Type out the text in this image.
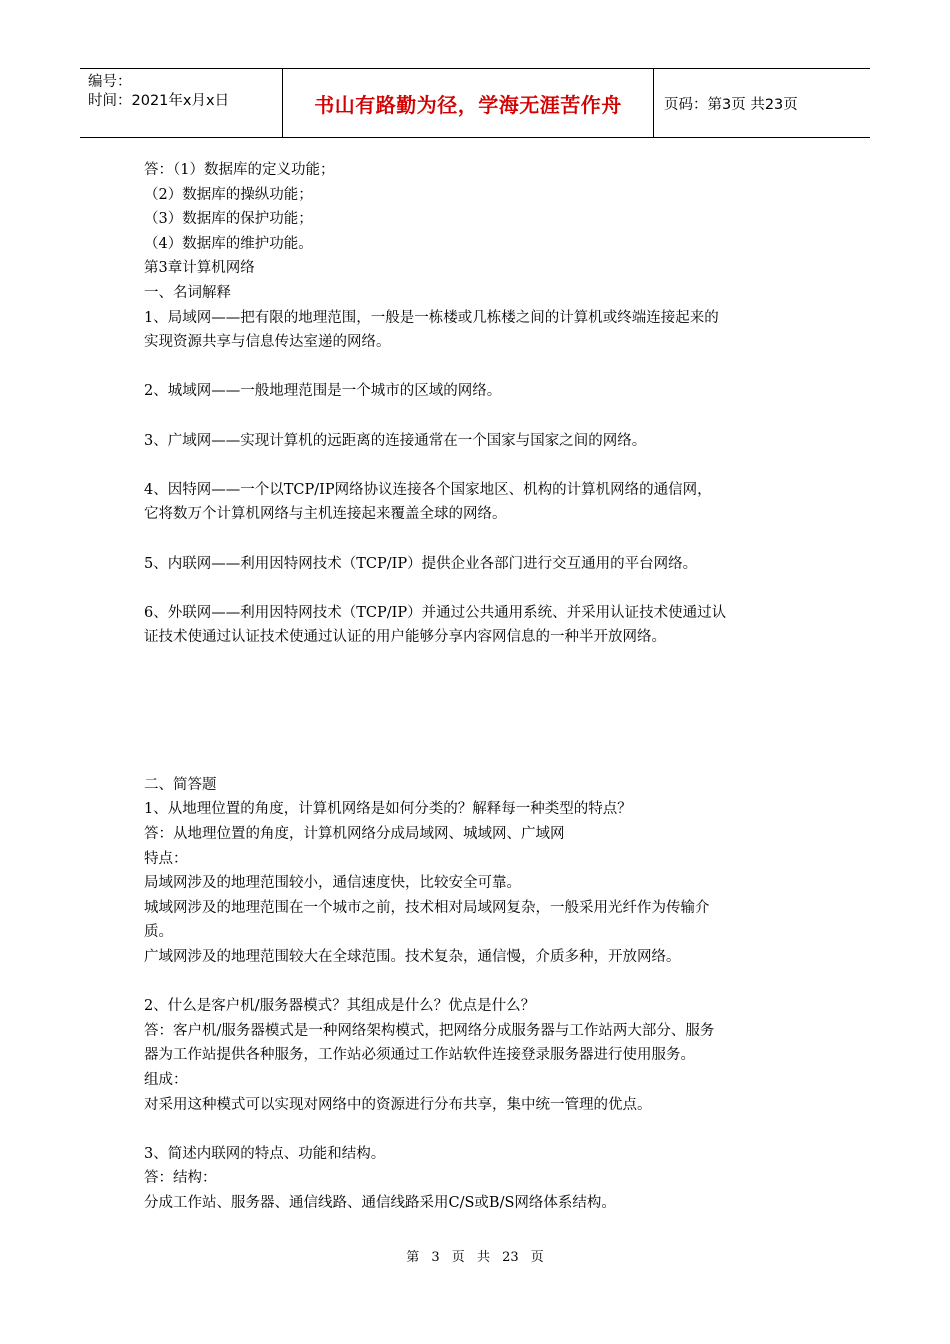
编号：
时间：2021年x月x日	书山有路勤为径，学海无涯苦作舟	页码：第3页 共23页
答：（1）数据库的定义功能；
（2）数据库的操纵功能；
（3）数据库的保护功能；
（4）数据库的维护功能。
第3章计算机网络
一、名词解释
1、局域网——把有限的地理范围，一般是一栋楼或几栋楼之间的计算机或终端连接起来的
实现资源共享与信息传达室递的网络。
2、城域网——一般地理范围是一个城市的区域的网络。
3、广域网——实现计算机的远距离的连接通常在一个国家与国家之间的网络。
4、因特网——一个以TCP/IP网络协议连接各个国家地区、机构的计算机网络的通信网，
它将数万个计算机网络与主机连接起来覆盖全球的网络。
5、内联网——利用因特网技术（TCP/IP）提供企业各部门进行交互通用的平台网络。
6、外联网——利用因特网技术（TCP/IP）并通过公共通用系统、并采用认证技术使通过认
证技术使通过认证技术使通过认证的用户能够分享内容网信息的一种半开放网络。
二、简答题
1、从地理位置的角度，计算机网络是如何分类的？解释每一种类型的特点？
答：从地理位置的角度，计算机网络分成局域网、城域网、广域网
特点：
局域网涉及的地理范围较小，通信速度快，比较安全可靠。
城域网涉及的地理范围在一个城市之前，技术相对局域网复杂，一般采用光纤作为传输介
质。
广域网涉及的地理范围较大在全球范围。技术复杂，通信慢，介质多种，开放网络。
2、什么是客户机/服务器模式？其组成是什么？优点是什么？
答：客户机/服务器模式是一种网络架构模式，把网络分成服务器与工作站两大部分、服务
器为工作站提供各种服务，工作站必须通过工作站软件连接登录服务器进行使用服务。
组成：
对采用这种模式可以实现对网络中的资源进行分布共享，集中统一管理的优点。
3、简述内联网的特点、功能和结构。
答：结构：
分成工作站、服务器、通信线路、通信线路采用C/S或B/S网络体系结构。
第 3 页 共 23 页
